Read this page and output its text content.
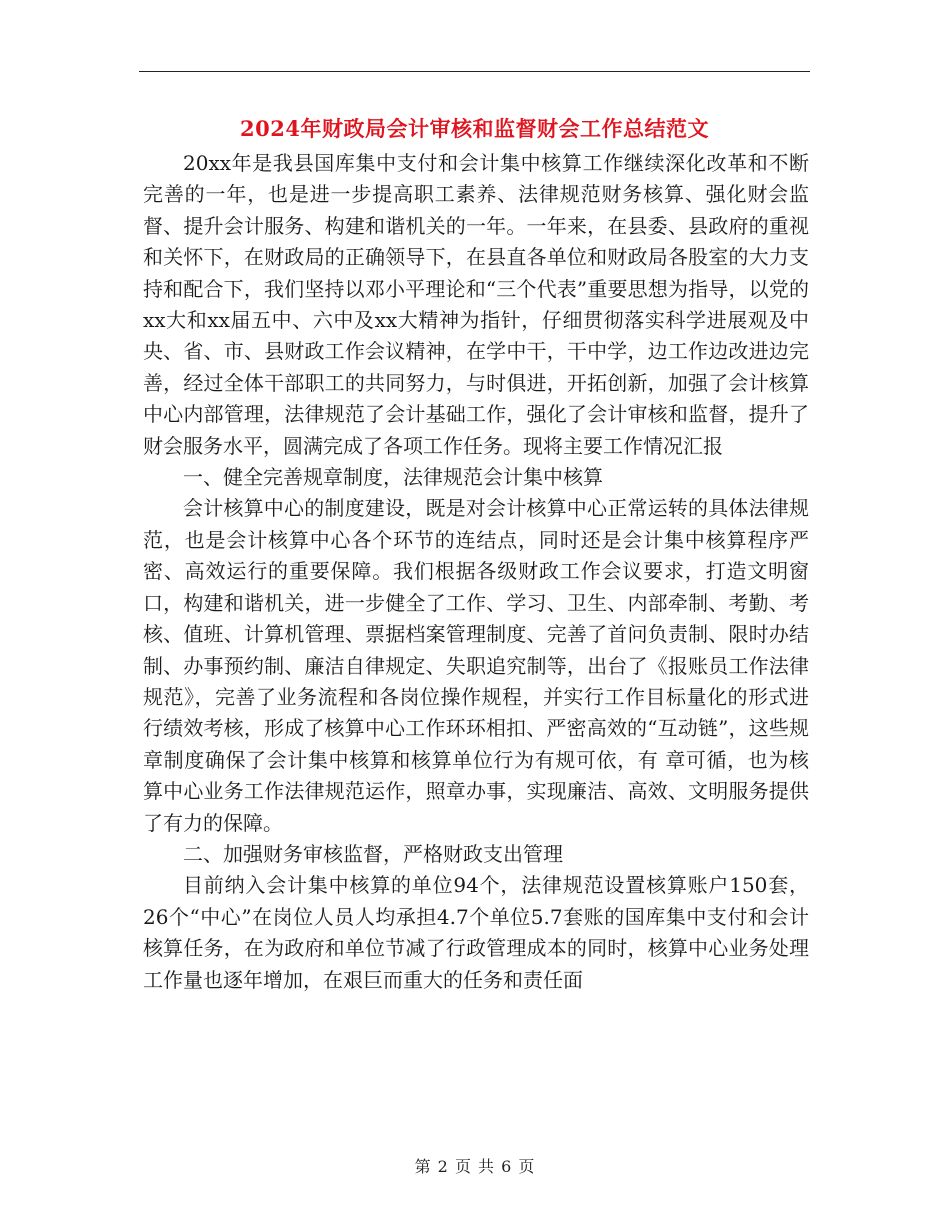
2024年财政局会计审核和监督财会工作总结范文

20xx年是我县国库集中支付和会计集中核算工作继续深化改革和不断完善的一年，也是进一步提高职工素养、法律规范财务核算、强化财会监督、提升会计服务、构建和谐机关的一年。一年来，在县委、县政府的重视和关怀下，在财政局的正确领导下，在县直各单位和财政局各股室的大力支持和配合下，我们坚持以邓小平理论和“三个代表”重要思想为指导，以党的xx大和xx届五中、六中及xx大精神为指针，仔细贯彻落实科学进展观及中央、省、市、县财政工作会议精神，在学中干，干中学，边工作边改进边完善，经过全体干部职工的共同努力，与时俱进，开拓创新，加强了会计核算中心内部管理，法律规范了会计基础工作，强化了会计审核和监督，提升了财会服务水平，圆满完成了各项工作任务。现将主要工作情况汇报

一、健全完善规章制度，法律规范会计集中核算

会计核算中心的制度建设，既是对会计核算中心正常运转的具体法律规范，也是会计核算中心各个环节的连结点，同时还是会计集中核算程序严密、高效运行的重要保障。我们根据各级财政工作会议要求，打造文明窗口，构建和谐机关，进一步健全了工作、学习、卫生、内部牵制、考勤、考核、值班、计算机管理、票据档案管理制度、完善了首问负责制、限时办结制、办事预约制、廉洁自律规定、失职追究制等，出台了《报账员工作法律规范》，完善了业务流程和各岗位操作规程，并实行工作目标量化的形式进行绩效考核，形成了核算中心工作环环相扣、严密高效的“互动链”，这些规章制度确保了会计集中核算和核算单位行为有规可依，有 章可循，也为核 算中心业务工作法律规范运作，照章办事，实现廉洁、高效、文明服务提供了有力的保障。

二、加强财务审核监督，严格财政支出管理

目前纳入会计集中核算的单位94个，法律规范设置核算账户150套，26个“中心”在岗位人员人均承担4.7个单位5.7套账的国库集中支付和会计核算任务，在为政府和单位节减了行政管理成本的同时，核算中心业务处理工作量也逐年增加，在艰巨而重大的任务和责任面

第 2 页 共 6 页
